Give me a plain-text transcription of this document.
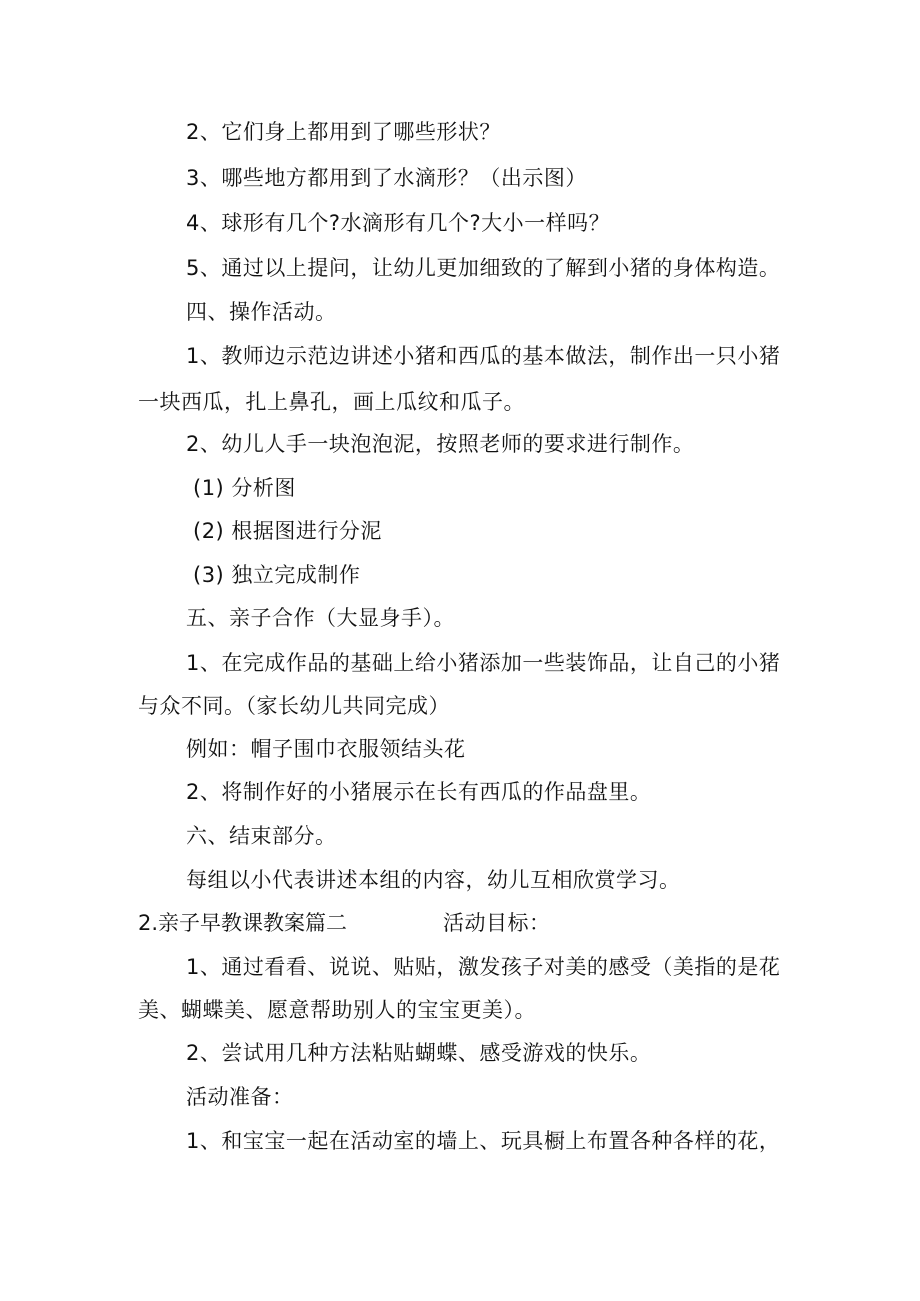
2、它们身上都用到了哪些形状？
3、哪些地方都用到了水滴形？（出示图）
4、球形有几个?水滴形有几个?大小一样吗？
5、通过以上提问，让幼儿更加细致的了解到小猪的身体构造。
四、操作活动。
1、教师边示范边讲述小猪和西瓜的基本做法，制作出一只小猪
一块西瓜，扎上鼻孔，画上瓜纹和瓜子。
2、幼儿人手一块泡泡泥，按照老师的要求进行制作。
(1) 分析图
(2) 根据图进行分泥
(3) 独立完成制作
五、亲子合作（大显身手）。
1、在完成作品的基础上给小猪添加一些装饰品，让自己的小猪
与众不同。（家长幼儿共同完成）
例如：帽子围巾衣服领结头花
2、将制作好的小猪展示在长有西瓜的作品盘里。
六、结束部分。
每组以小代表讲述本组的内容，幼儿互相欣赏学习。
2.亲子早教课教案篇二	活动目标：
1、通过看看、说说、贴贴，激发孩子对美的感受（美指的是花
美、蝴蝶美、愿意帮助别人的宝宝更美）。
2、尝试用几种方法粘贴蝴蝶、感受游戏的快乐。
活动准备：
1、和宝宝一起在活动室的墙上、玩具橱上布置各种各样的花，
